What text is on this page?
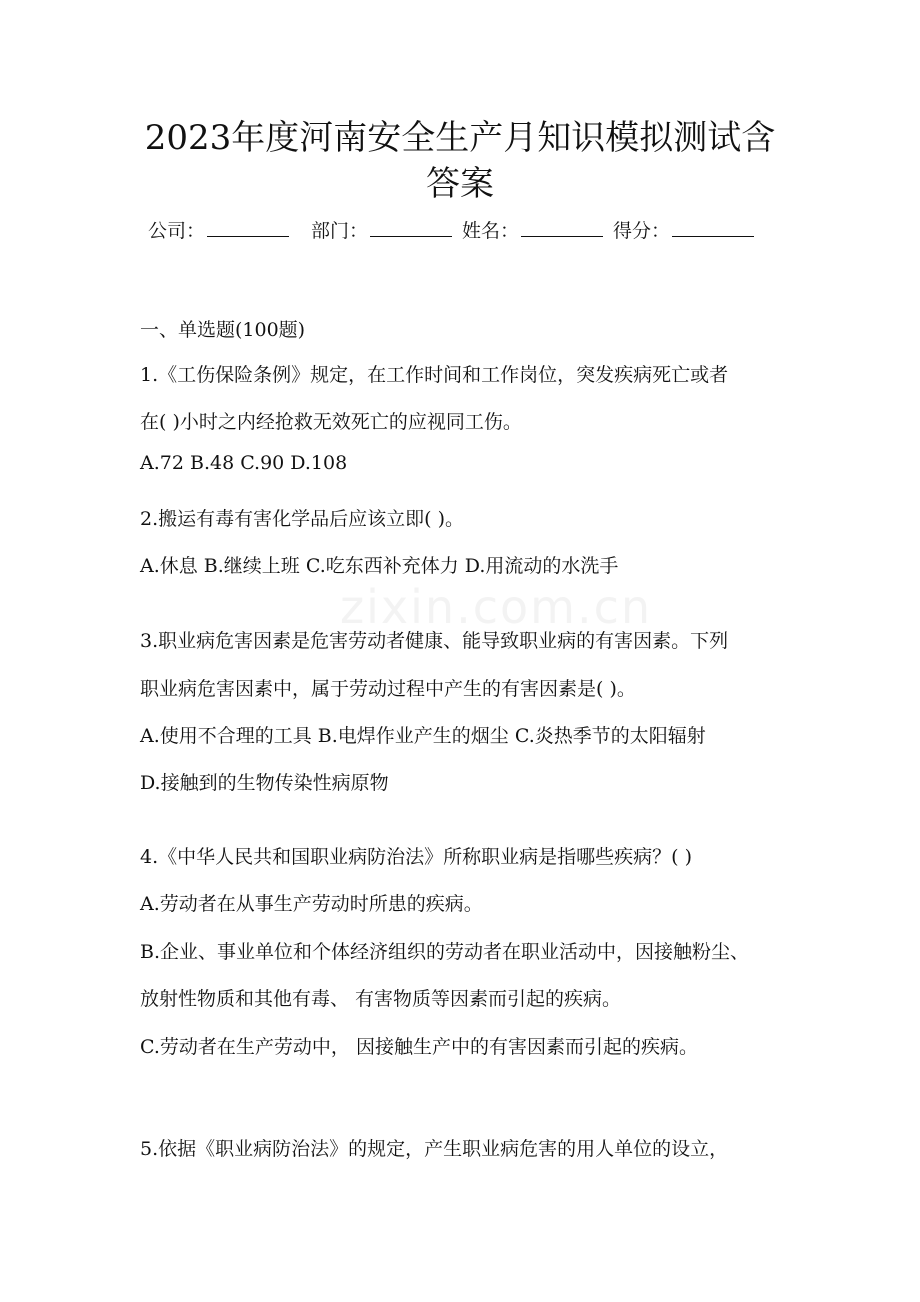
zixin.com.cn
2023年度河南安全生产月知识模拟测试含
答案
公司：	部门：	姓名：	得分：
一、单选题(100题)
1.《工伤保险条例》规定，在工作时间和工作岗位，突发疾病死亡或者
在( )小时之内经抢救无效死亡的应视同工伤。
A.72 B.48 C.90 D.108
2.搬运有毒有害化学品后应该立即( )。
A.休息 B.继续上班 C.吃东西补充体力 D.用流动的水洗手
3.职业病危害因素是危害劳动者健康、能导致职业病的有害因素。下列
职业病危害因素中，属于劳动过程中产生的有害因素是( )。
A.使用不合理的工具 B.电焊作业产生的烟尘 C.炎热季节的太阳辐射
D.接触到的生物传染性病原物
4.《中华人民共和国职业病防治法》所称职业病是指哪些疾病？( )
A.劳动者在从事生产劳动时所患的疾病。
B.企业、事业单位和个体经济组织的劳动者在职业活动中，因接触粉尘、
放射性物质和其他有毒、 有害物质等因素而引起的疾病。
C.劳动者在生产劳动中， 因接触生产中的有害因素而引起的疾病。
5.依据《职业病防治法》的规定，产生职业病危害的用人单位的设立，
